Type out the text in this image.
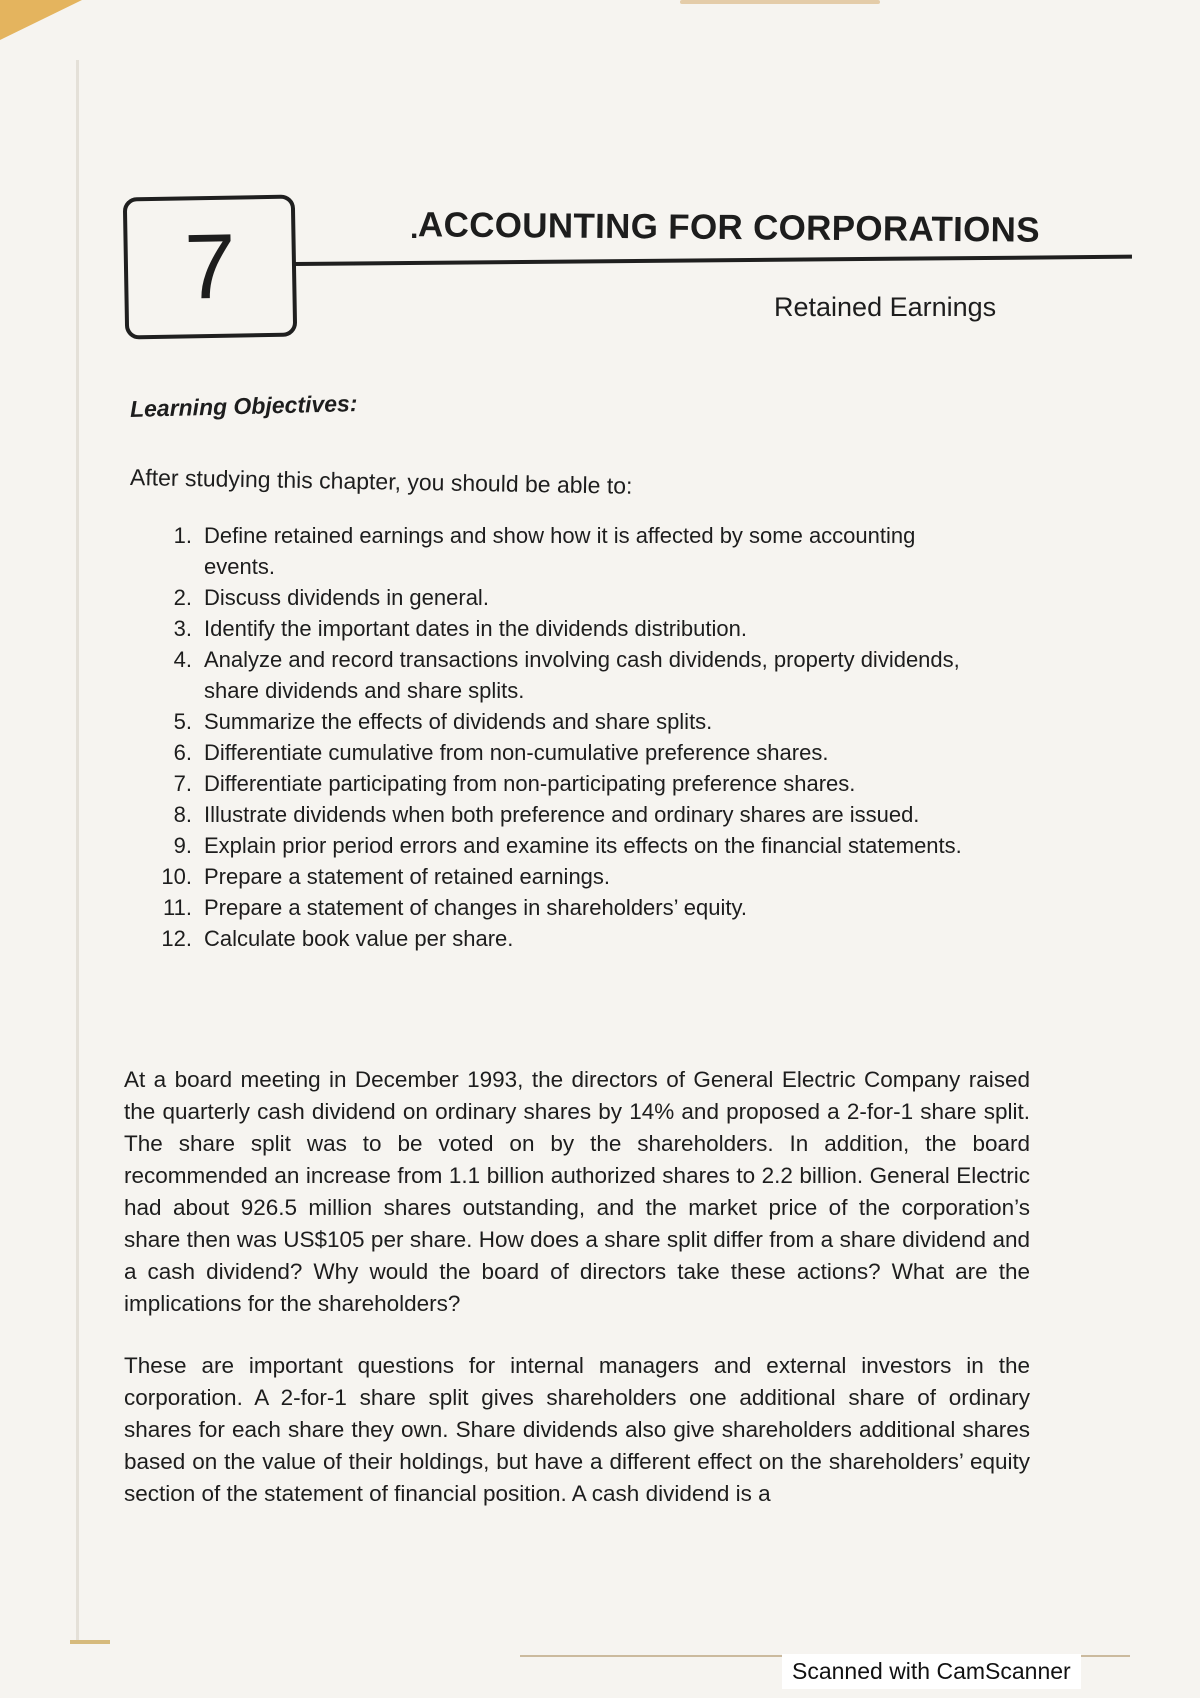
7	. ACCOUNTING FOR CORPORATIONS
Retained Earnings
Learning Objectives:
After studying this chapter, you should be able to:
1. Define retained earnings and show how it is affected by some accounting events.
2. Discuss dividends in general.
3. Identify the important dates in the dividends distribution.
4. Analyze and record transactions involving cash dividends, property dividends, share dividends and share splits.
5. Summarize the effects of dividends and share splits.
6. Differentiate cumulative from non-cumulative preference shares.
7. Differentiate participating from non-participating preference shares.
8. Illustrate dividends when both preference and ordinary shares are issued.
9. Explain prior period errors and examine its effects on the financial statements.
10. Prepare a statement of retained earnings.
11. Prepare a statement of changes in shareholders’ equity.
12. Calculate book value per share.

At a board meeting in December 1993, the directors of General Electric Company raised the quarterly cash dividend on ordinary shares by 14% and proposed a 2-for-1 share split. The share split was to be voted on by the shareholders. In addition, the board recommended an increase from 1.1 billion authorized shares to 2.2 billion. General Electric had about 926.5 million shares outstanding, and the market price of the corporation’s share then was US$105 per share. How does a share split differ from a share dividend and a cash dividend? Why would the board of directors take these actions? What are the implications for the shareholders?

These are important questions for internal managers and external investors in the corporation. A 2-for-1 share split gives shareholders one additional share of ordinary shares for each share they own. Share dividends also give shareholders additional shares based on the value of their holdings, but have a different effect on the shareholders’ equity section of the statement of financial position. A cash dividend is a

Scanned with CamScanner
